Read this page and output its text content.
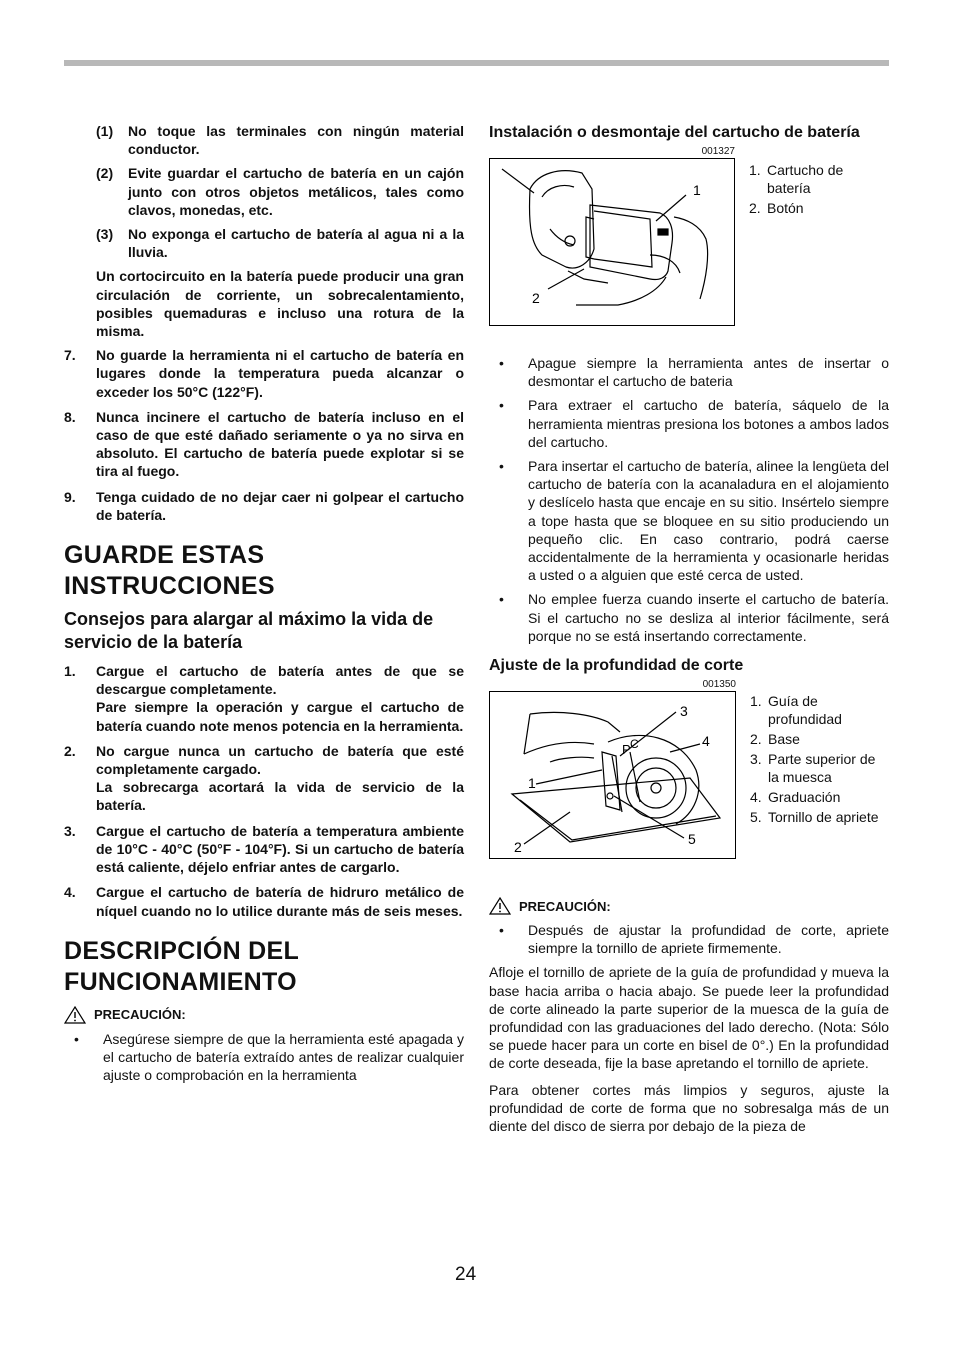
(1)	No toque las terminales con ningún material conductor.
(2)	Evite guardar el cartucho de batería en un cajón junto con otros objetos metálicos, tales como clavos, monedas, etc.
(3)	No exponga el cartucho de batería al agua ni a la lluvia.

Un cortocircuito en la batería puede producir una gran circulación de corriente, un sobrecalentamiento, posibles quemaduras e incluso una rotura de la misma.

7.	No guarde la herramienta ni el cartucho de batería en lugares donde la temperatura pueda alcanzar o exceder los 50°C (122°F).
8.	Nunca incinere el cartucho de batería incluso en el caso de que esté dañado seriamente o ya no sirva en absoluto. El cartucho de batería puede explotar si se tira al fuego.
9.	Tenga cuidado de no dejar caer ni golpear el cartucho de batería.
GUARDE ESTAS INSTRUCCIONES
Consejos para alargar al máximo la vida de servicio de la batería
1.	Cargue el cartucho de batería antes de que se descargue completamente.
Pare siempre la operación y cargue el cartucho de batería cuando note menos potencia en la herramienta.
2.	No cargue nunca un cartucho de batería que esté completamente cargado.
La sobrecarga acortará la vida de servicio de la batería.
3.	Cargue el cartucho de batería a temperatura ambiente de 10°C - 40°C (50°F - 104°F). Si un cartucho de batería está caliente, déjelo enfriar antes de cargarlo.
4.	Cargue el cartucho de batería de hidruro metálico de níquel cuando no lo utilice durante más de seis meses.
DESCRIPCIÓN DEL FUNCIONAMIENTO
PRECAUCIÓN:
•	Asegúrese siempre de que la herramienta esté apagada y el cartucho de batería extraído antes de realizar cualquier ajuste o comprobación en la herramienta
Instalación o desmontaje del cartucho de batería
001327
1
2
1. Cartucho de batería
2. Botón
•	Apague siempre la herramienta antes de insertar o desmontar el cartucho de bateria
•	Para extraer el cartucho de batería, sáquelo de la herramienta mientras presiona los botones a ambos lados del cartucho.
•	Para insertar el cartucho de batería, alinee la lengüeta del cartucho de batería con la acanaladura en el alojamiento y deslícelo hasta que encaje en su sitio. Insértelo siempre a tope hasta que se bloquee en su sitio produciendo un pequeño clic. En caso contrario, podrá caerse accidentalmente de la herramienta y ocasionarle heridas a usted o a alguien que esté cerca de usted.
•	No emplee fuerza cuando inserte el cartucho de batería. Si el cartucho no se desliza al interior fácilmente, será porque no se está insertando correctamente.
Ajuste de la profundidad de corte
001350
P C
1
2
3
4
5
1. Guía de profundidad
2. Base
3. Parte superior de la muesca
4. Graduación
5. Tornillo de apriete
PRECAUCIÓN:
•	Después de ajustar la profundidad de corte, apriete siempre la tornillo de apriete firmemente.

Afloje el tornillo de apriete de la guía de profundidad y mueva la base hacia arriba o hacia abajo. Se puede leer la profundidad de corte alineado la parte superior de la muesca de la guía de profundidad con las graduaciones del lado derecho. (Nota: Sólo se puede hacer para un corte en bisel de 0°.) En la profundidad de corte deseada, fije la base apretando el tornillo de apriete.

Para obtener cortes más limpios y seguros, ajuste la profundidad de corte de forma que no sobresalga más de un diente del disco de sierra por debajo de la pieza de

24
